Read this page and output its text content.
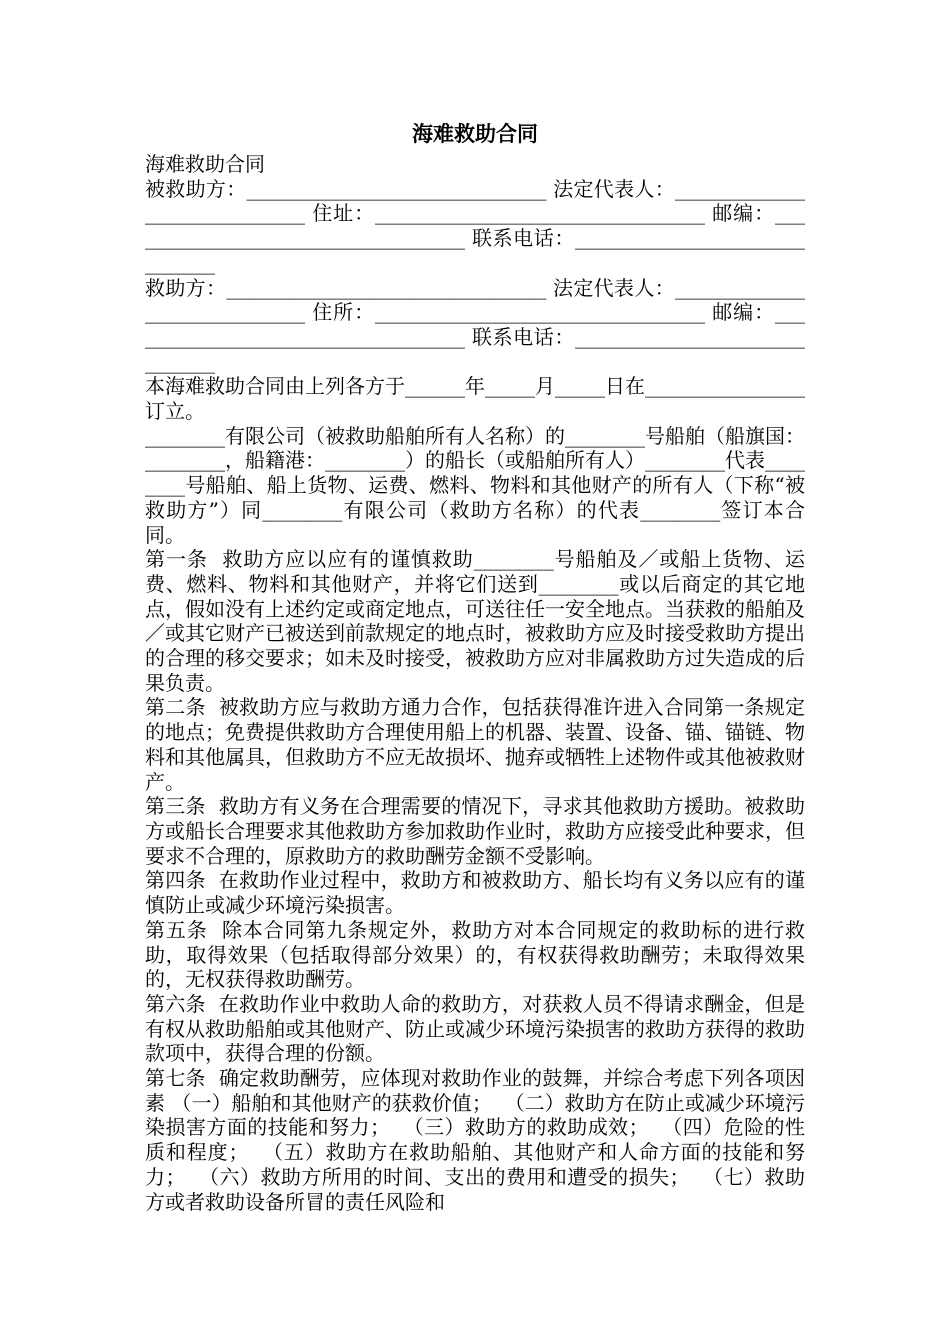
海难救助合同

海难救助合同

被救助方：______________________________ 法定代表人：_____________________________ 住址：_________________________________ 邮编：___________________________________ 联系电话：______________________________

救助方：________________________________ 法定代表人：_____________________________ 住所：_________________________________ 邮编：___________________________________ 联系电话：______________________________

本海难救助合同由上列各方于______年_____月_____日在________________订立。

________有限公司（被救助船舶所有人名称）的________号船舶（船旗国：________，船籍港：________）的船长（或船舶所有人）________代表________号船舶、船上货物、运费、燃料、物料和其他财产的所有人（下称“被救助方”）同________有限公司（救助方名称）的代表________签订本合同。

第一条  救助方应以应有的谨慎救助________号船舶及／或船上货物、运费、燃料、物料和其他财产，并将它们送到________或以后商定的其它地点，假如没有上述约定或商定地点，可送往任一安全地点。当获救的船舶及／或其它财产已被送到前款规定的地点时，被救助方应及时接受救助方提出的合理的移交要求；如未及时接受，被救助方应对非属救助方过失造成的后果负责。

第二条  被救助方应与救助方通力合作，包括获得准许进入合同第一条规定的地点；免费提供救助方合理使用船上的机器、装置、设备、锚、锚链、物料和其他属具，但救助方不应无故损坏、抛弃或牺牲上述物件或其他被救财产。

第三条  救助方有义务在合理需要的情况下，寻求其他救助方援助。被救助方或船长合理要求其他救助方参加救助作业时，救助方应接受此种要求，但要求不合理的，原救助方的救助酬劳金额不受影响。

第四条  在救助作业过程中，救助方和被救助方、船长均有义务以应有的谨慎防止或减少环境污染损害。

第五条  除本合同第九条规定外，救助方对本合同规定的救助标的进行救助，取得效果（包括取得部分效果）的，有权获得救助酬劳；未取得效果的，无权获得救助酬劳。

第六条  在救助作业中救助人命的救助方，对获救人员不得请求酬金，但是有权从救助船舶或其他财产、防止或减少环境污染损害的救助方获得的救助款项中，获得合理的份额。

第七条  确定救助酬劳，应体现对救助作业的鼓舞，并综合考虑下列各项因素 （一）船舶和其他财产的获救价值；  （二）救助方在防止或减少环境污染损害方面的技能和努力；  （三）救助方的救助成效；  （四）危险的性质和程度；  （五）救助方在救助船舶、其他财产和人命方面的技能和努力；  （六）救助方所用的时间、支出的费用和遭受的损失；  （七）救助方或者救助设备所冒的责任风险和
